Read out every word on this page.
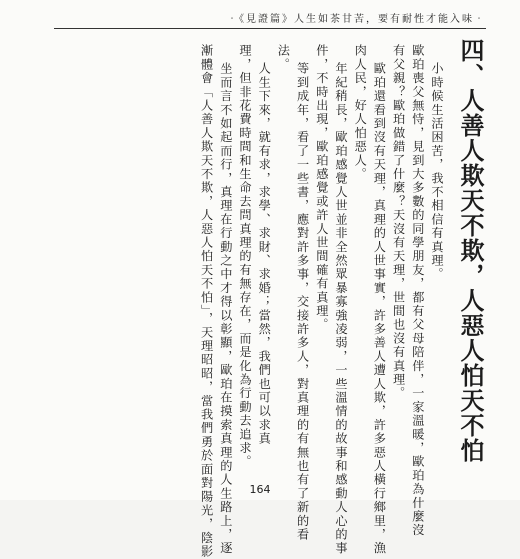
‧《見證篇》人生如茶甘苦，要有耐性才能入味‧
四、人善人欺天不欺，人惡人怕天不怕
小時候生活困苦，我不相信有真理。
歐珀喪父無恃，見到大多數的同學朋友，都有父母陪伴，一家溫暖，歐珀為什麼沒
有父親？歐珀做錯了什麼？天沒有天理，世間也沒有真理。
歐珀還看到沒有天理，真理的人世事實，許多善人遭人欺，許多惡人橫行鄉里，漁
肉人民，好人怕惡人。
年紀稍長，歐珀感覺人世並非全然眾暴寡強凌弱，一些溫情的故事和感動人心的事
件，不時出現，歐珀感覺或許人世間確有真理。
等到成年，看了一些書，應對許多事，交接許多人，對真理的有無也有了新的看
法。
人生下來，就有求，求學、求財、求婚；當然，我們也可以求真
理，但非花費時間和生命去問真理的有無存在，而是化為行動去追求。
坐而言不如起而行，真理在行動之中才得以彰顯，歐珀在摸索真理的人生路上，逐
漸體會「人善人欺天不欺，人惡人怕天不怕」，天理昭昭，當我們勇於面對陽光，陰影	164
